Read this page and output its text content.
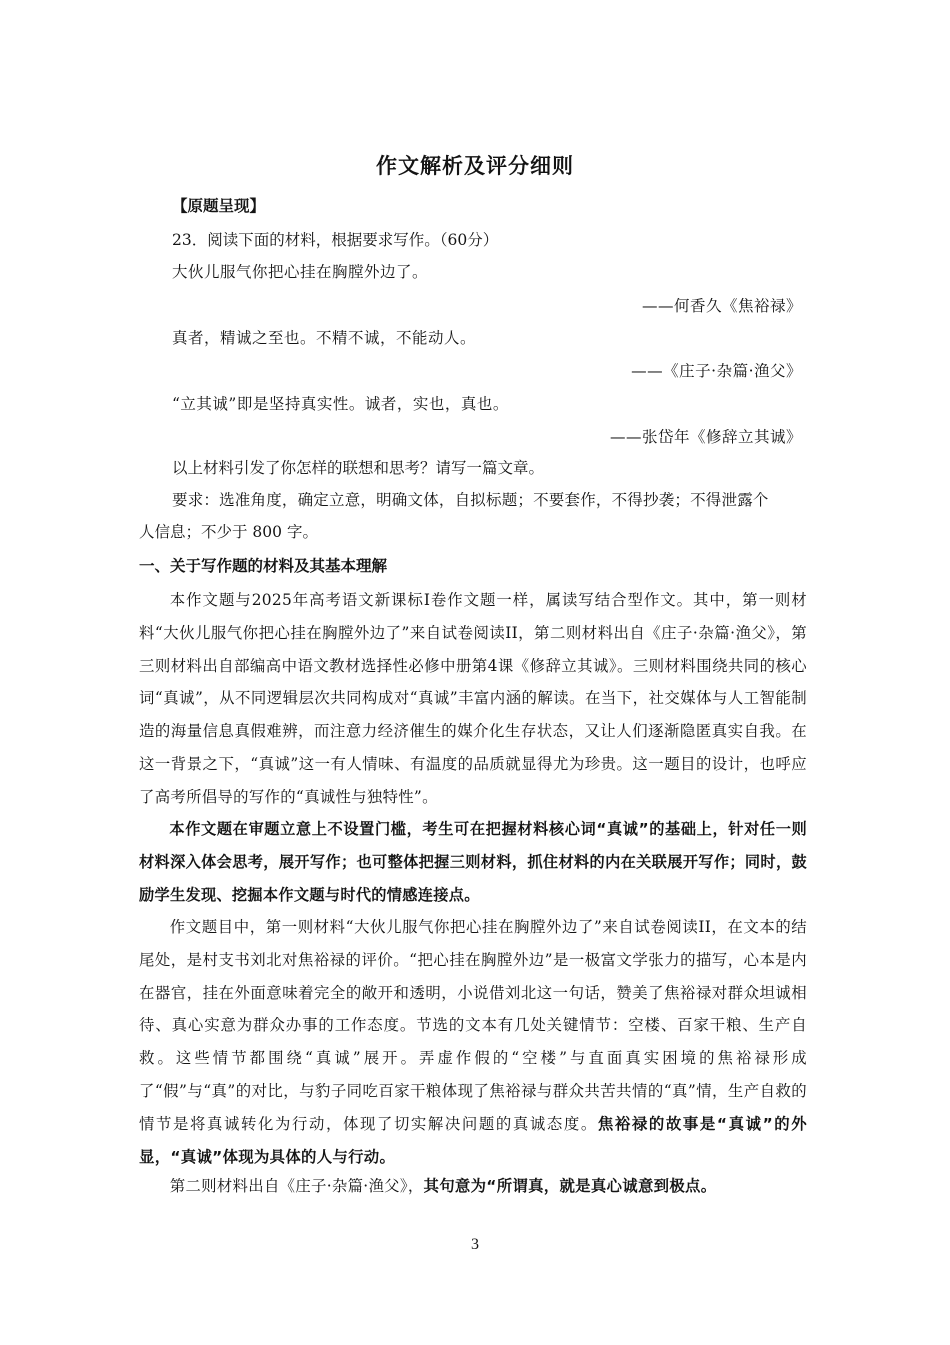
作文解析及评分细则
【原题呈现】
23．阅读下面的材料，根据要求写作。（60分）
大伙儿服气你把心挂在胸膛外边了。
——何香久《焦裕禄》
真者，精诚之至也。不精不诚，不能动人。
——《庄子·杂篇·渔父》
“立其诚”即是坚持真实性。诚者，实也，真也。
——张岱年《修辞立其诚》
以上材料引发了你怎样的联想和思考？请写一篇文章。
要求：选准角度，确定立意，明确文体，自拟标题；不要套作，不得抄袭；不得泄露个
人信息；不少于 800 字。
一、关于写作题的材料及其基本理解
本作文题与2025年高考语文新课标Ⅰ卷作文题一样，属读写结合型作文。其中，第一则材料“大伙儿服气你把心挂在胸膛外边了”来自试卷阅读II，第二则材料出自《庄子·杂篇·渔父》，第三则材料出自部编高中语文教材选择性必修中册第4课《修辞立其诚》。三则材料围绕共同的核心词“真诚”，从不同逻辑层次共同构成对“真诚”丰富内涵的解读。在当下，社交媒体与人工智能制造的海量信息真假难辨，而注意力经济催生的媒介化生存状态，又让人们逐渐隐匿真实自我。在这一背景之下，“真诚”这一有人情味、有温度的品质就显得尤为珍贵。这一题目的设计，也呼应了高考所倡导的写作的“真诚性与独特性”。
本作文题在审题立意上不设置门槛，考生可在把握材料核心词“真诚”的基础上，针对任一则材料深入体会思考，展开写作；也可整体把握三则材料，抓住材料的内在关联展开写作；同时，鼓励学生发现、挖掘本作文题与时代的情感连接点。
作文题目中，第一则材料“大伙儿服气你把心挂在胸膛外边了”来自试卷阅读II，在文本的结尾处，是村支书刘北对焦裕禄的评价。“把心挂在胸膛外边”是一极富文学张力的描写，心本是内在器官，挂在外面意味着完全的敞开和透明，小说借刘北这一句话，赞美了焦裕禄对群众坦诚相待、真心实意为群众办事的工作态度。节选的文本有几处关键情节：空楼、百家干粮、生产自救。这些情节都围绕“真诚”展开。弄虚作假的“空楼”与直面真实困境的焦裕禄形成了“假”与“真”的对比，与豹子同吃百家干粮体现了焦裕禄与群众共苦共情的“真”情，生产自救的情节是将真诚转化为行动，体现了切实解决问题的真诚态度。焦裕禄的故事是“真诚”的外显，“真诚”体现为具体的人与行动。
第二则材料出自《庄子·杂篇·渔父》，其句意为“所谓真，就是真心诚意到极点。
3
